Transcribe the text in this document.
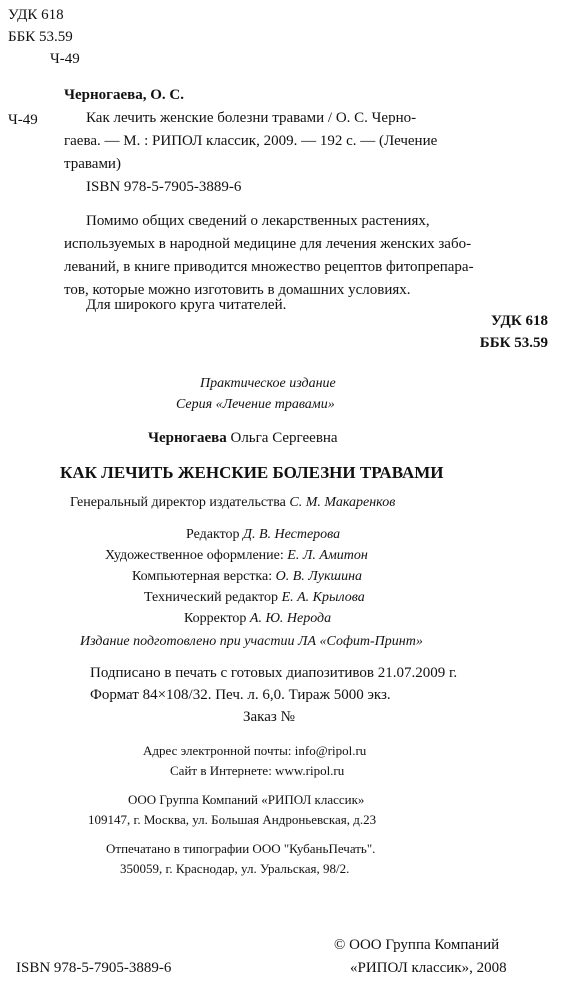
УДК 618
ББК 53.59
Ч-49
Черногаева, О. С.
Ч-49	Как лечить женские болезни травами / О. С. Черно-
гаева. — М. : РИПОЛ классик, 2009. — 192 с. — (Лечение
травами)
ISBN 978-5-7905-3889-6
Помимо общих сведений о лекарственных растениях,
используемых в народной медицине для лечения женских забо-
леваний, в книге приводится множество рецептов фитопрепара-
тов, которые можно изготовить в домашних условиях.
Для широкого круга читателей.
УДК 618
ББК 53.59
Практическое издание
Серия «Лечение травами»
Черногаева Ольга Сергеевна
КАК ЛЕЧИТЬ ЖЕНСКИЕ БОЛЕЗНИ ТРАВАМИ
Генеральный директор издательства С. М. Макаренков
Редактор Д. В. Нестерова
Художественное оформление: Е. Л. Амитон
Компьютерная верстка: О. В. Лукшина
Технический редактор Е. А. Крылова
Корректор А. Ю. Нерода
Издание подготовлено при участии ЛА «Софит-Принт»
Подписано в печать с готовых диапозитивов 21.07.2009 г.
Формат 84×108/32. Печ. л. 6,0. Тираж 5000 экз.
Заказ №
Адрес электронной почты: info@ripol.ru
Сайт в Интернете: www.ripol.ru
ООО Группа Компаний «РИПОЛ классик»
109147, г. Москва, ул. Большая Андроньевская, д.23
Отпечатано в типографии ООО "КубаньПечать".
350059, г. Краснодар, ул. Уральская, 98/2.
© ООО Группа Компаний
ISBN 978-5-7905-3889-6	«РИПОЛ классик», 2008
